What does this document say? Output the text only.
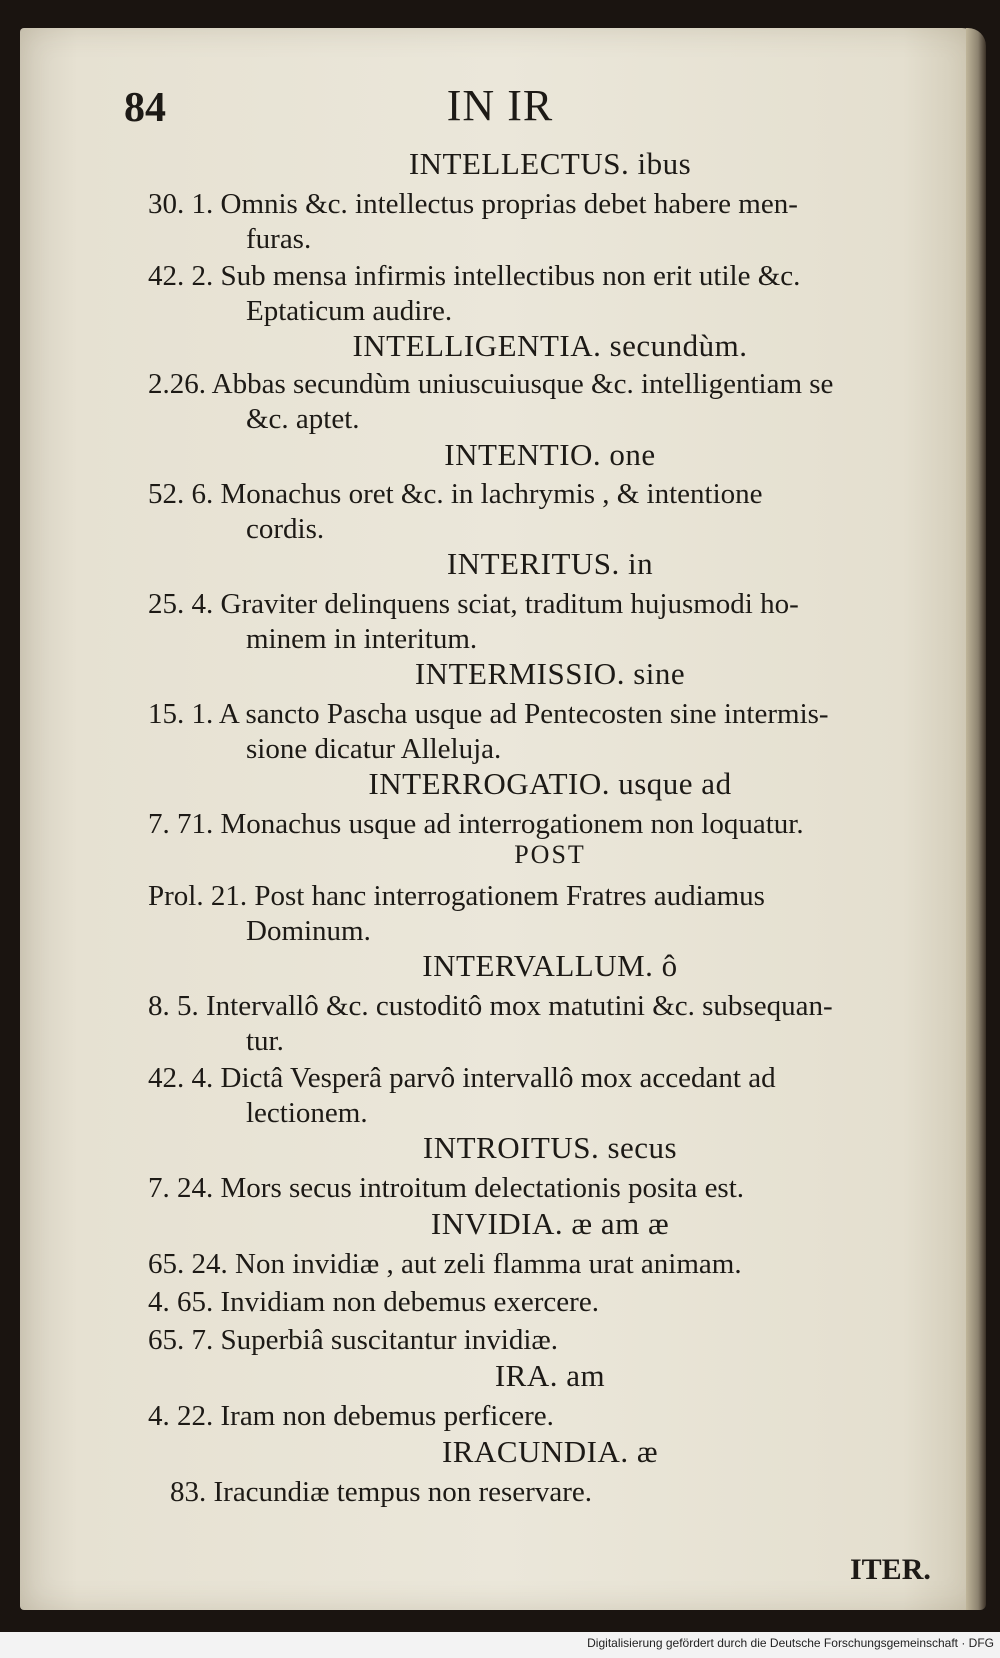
84	IN IR
INTELLECTUS. ibus
30. 1. Omnis &c. intellectus proprias debet habere men-
furas.
42. 2. Sub mensa infirmis intellectibus non erit utile &c.
Eptaticum audire.
INTELLIGENTIA. secundùm.
2.26. Abbas secundùm uniuscuiusque &c. intelligentiam se
&c. aptet.
INTENTIO. one
52. 6. Monachus oret &c. in lachrymis , & intentione
cordis.
INTERITUS. in
25. 4. Graviter delinquens sciat, traditum hujusmodi ho-
minem in interitum.
INTERMISSIO. sine
15. 1. A sancto Pascha usque ad Pentecosten sine intermis-
sione dicatur Alleluja.
INTERROGATIO. usque ad
7. 71. Monachus usque ad interrogationem non loquatur.
POST
Prol. 21. Post hanc interrogationem Fratres audiamus
Dominum.
INTERVALLUM. ô
8. 5. Intervallô &c. custoditô mox matutini &c. subsequan-
tur.
42. 4. Dictâ Vesperâ parvô intervallô mox accedant ad
lectionem.
INTROITUS. secus
7. 24. Mors secus introitum delectationis posita est.
INVIDIA. æ am æ
65. 24. Non invidiæ , aut zeli flamma urat animam.
4. 65. Invidiam non debemus exercere.
65. 7. Superbiâ suscitantur invidiæ.
IRA. am
4. 22. Iram non debemus perficere.
IRACUNDIA. æ
83. Iracundiæ tempus non reservare.
ITER.
Digitalisierung gefördert durch die Deutsche Forschungsgemeinschaft · DFG
